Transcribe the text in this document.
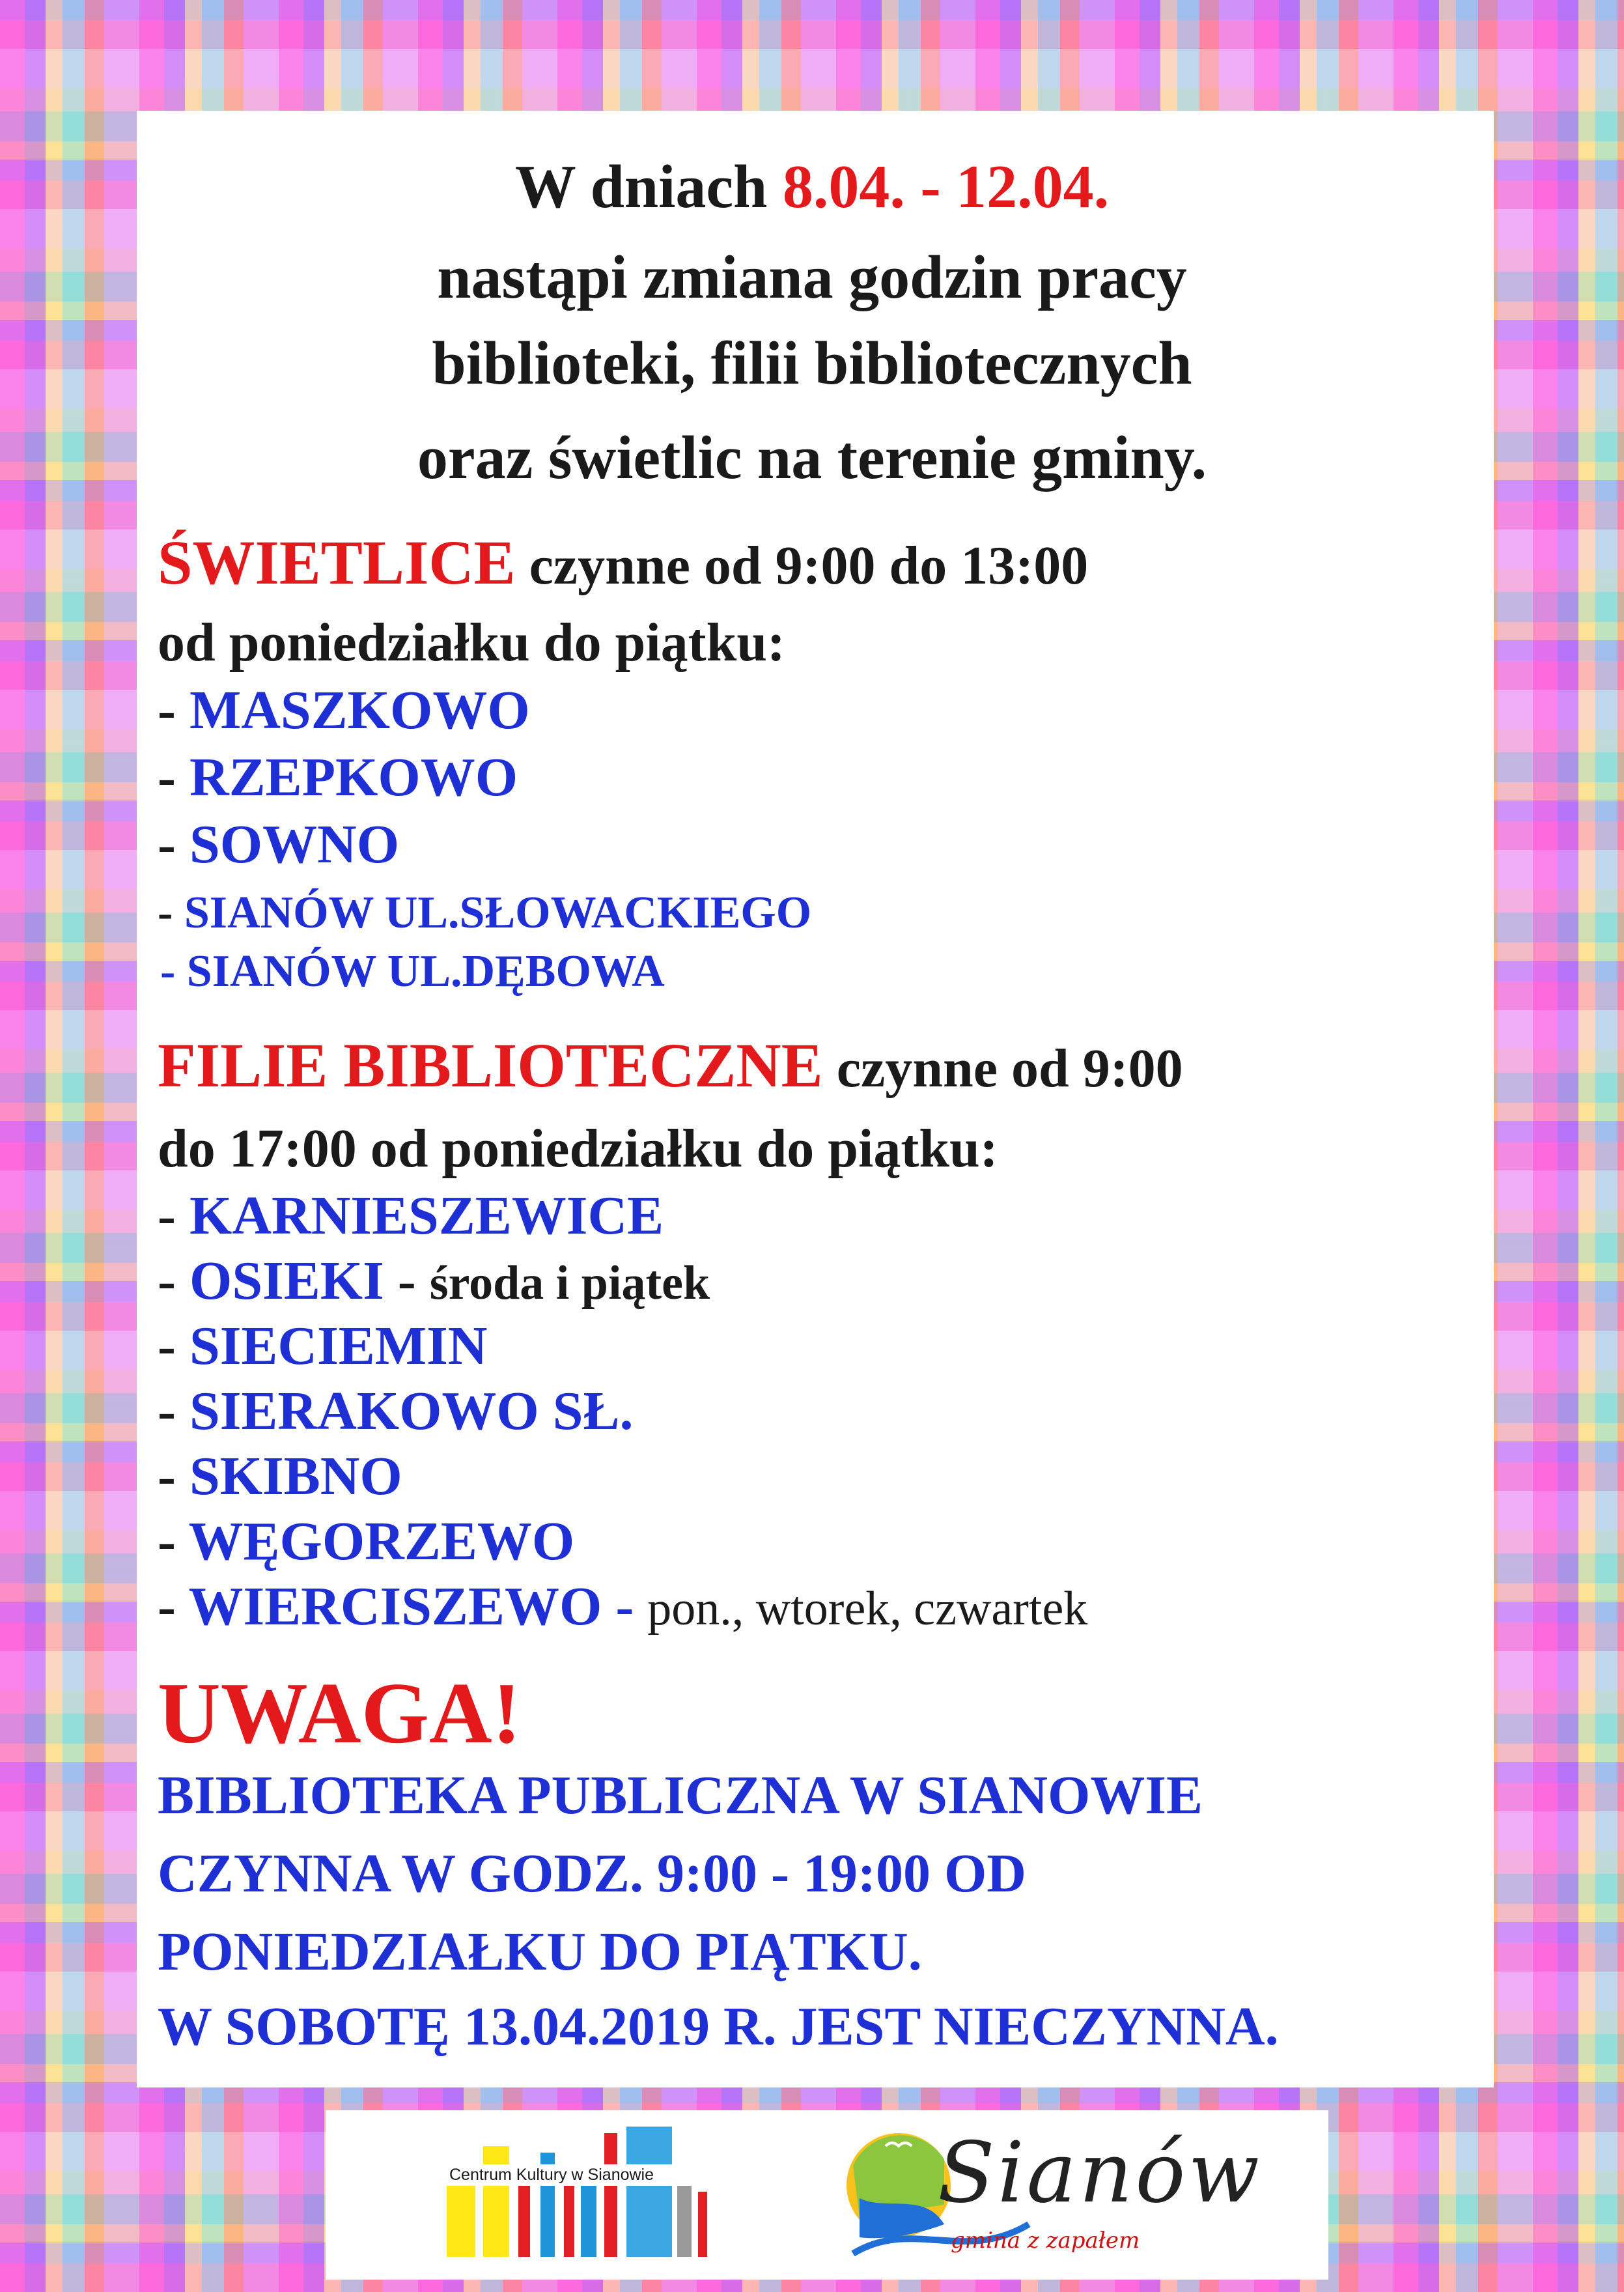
W dniach 8.04. - 12.04.

nastąpi zmiana godzin pracy

biblioteki, filii bibliotecznych

oraz świetlic na terenie gminy.

ŚWIETLICE czynne od 9:00 do 13:00

od poniedziałku do piątku:

- MASZKOWO

- RZEPKOWO

- SOWNO

- SIANÓW UL.SŁOWACKIEGO

- SIANÓW UL.DĘBOWA

FILIE BIBLIOTECZNE czynne od 9:00

do 17:00 od poniedziałku do piątku:

- KARNIESZEWICE

- OSIEKI - środa i piątek

- SIECIEMIN

- SIERAKOWO SŁ.

- SKIBNO

- WĘGORZEWO

- WIERCISZEWO - pon., wtorek, czwartek

UWAGA!

BIBLIOTEKA PUBLICZNA W SIANOWIE

CZYNNA W GODZ. 9:00 - 19:00 OD

PONIEDZIAŁKU DO PIĄTKU.

W SOBOTĘ 13.04.2019 R. JEST NIECZYNNA.

Centrum Kultury w Sianowie	Sianów

gmina z zapałem
